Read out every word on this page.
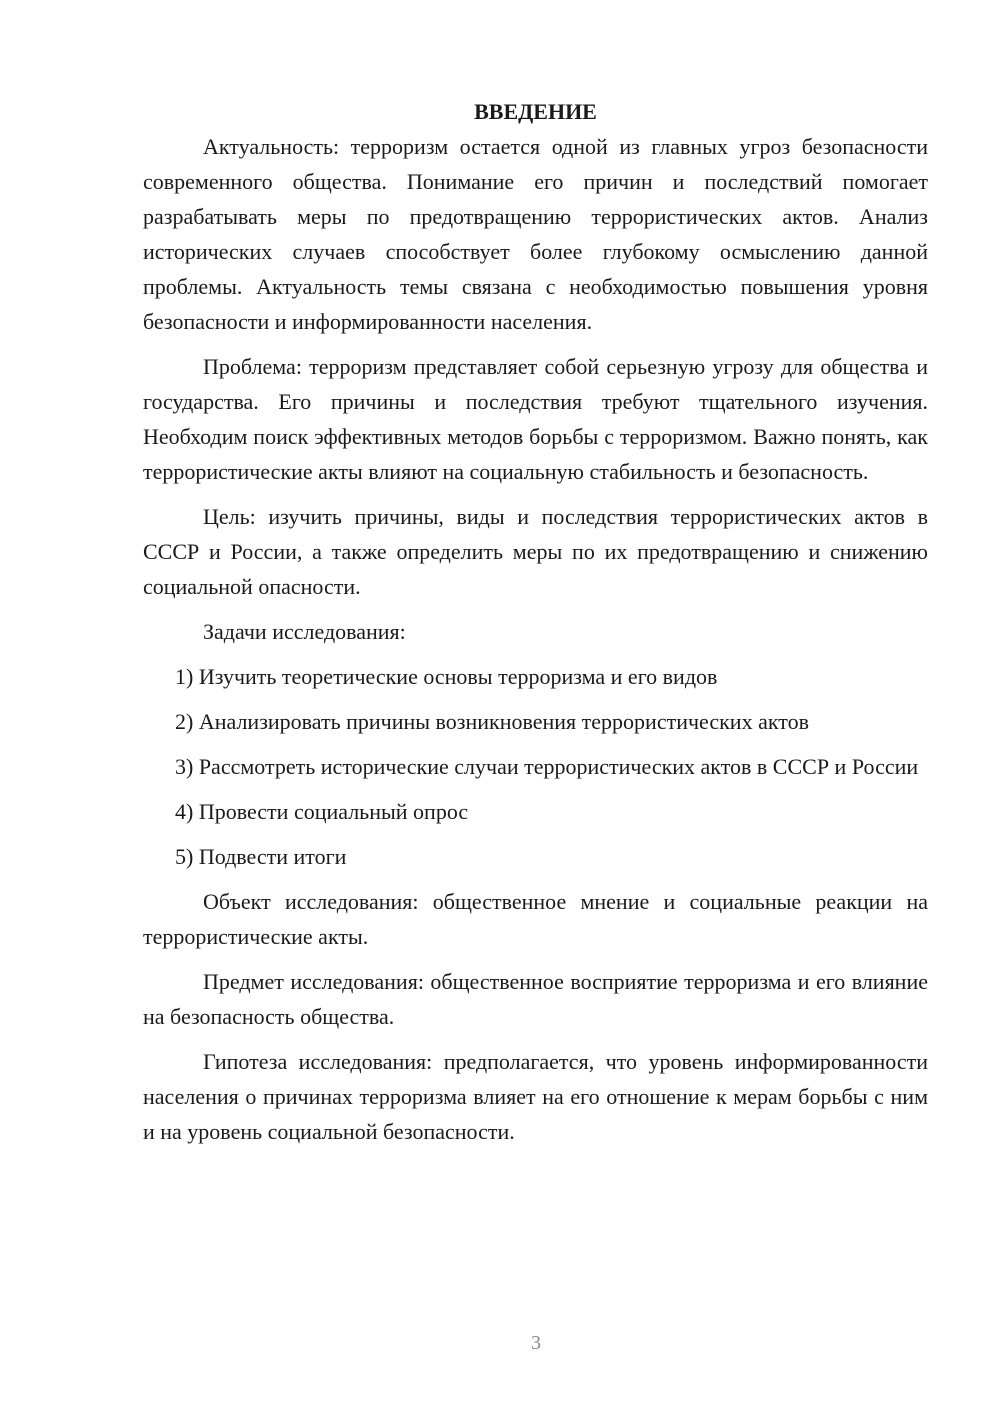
ВВЕДЕНИЕ

Актуальность: терроризм остается одной из главных угроз безопасности современного общества. Понимание его причин и последствий помогает разрабатывать меры по предотвращению террористических актов. Анализ исторических случаев способствует более глубокому осмыслению данной проблемы. Актуальность темы связана с необходимостью повышения уровня безопасности и информированности населения.

Проблема: терроризм представляет собой серьезную угрозу для общества и государства. Его причины и последствия требуют тщательного изучения. Необходим поиск эффективных методов борьбы с терроризмом. Важно понять, как террористические акты влияют на социальную стабильность и безопасность.

Цель: изучить причины, виды и последствия террористических актов в СССР и России, а также определить меры по их предотвращению и снижению социальной опасности.

Задачи исследования:

1) Изучить теоретические основы терроризма и его видов

2) Анализировать причины возникновения террористических актов

3) Рассмотреть исторические случаи террористических актов в СССР и России

4) Провести социальный опрос

5) Подвести итоги

Объект исследования: общественное мнение и социальные реакции на террористические акты.

Предмет исследования: общественное восприятие терроризма и его влияние на безопасность общества.

Гипотеза исследования: предполагается, что уровень информированности населения о причинах терроризма влияет на его отношение к мерам борьбы с ним и на уровень социальной безопасности.

3
